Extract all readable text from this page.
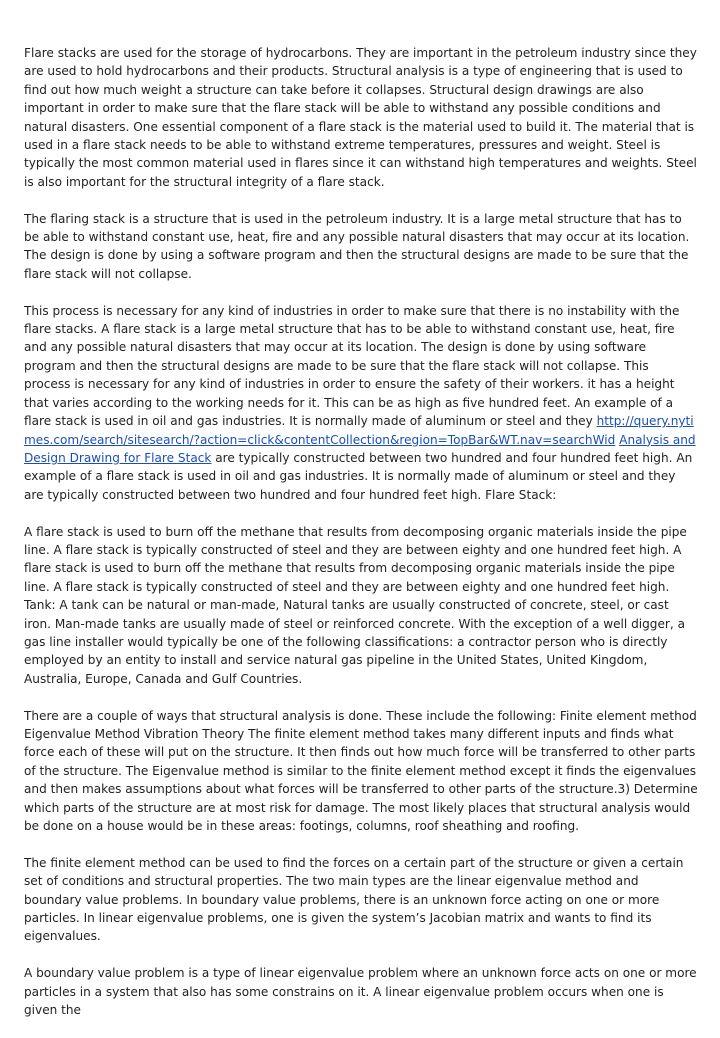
Flare stacks are used for the storage of hydrocarbons. They are important in the petroleum industry since they are used to hold hydrocarbons and their products. Structural analysis is a type of engineering that is used to find out how much weight a structure can take before it collapses. Structural design drawings are also important in order to make sure that the flare stack will be able to withstand any possible conditions and natural disasters. One essential component of a flare stack is the material used to build it. The material that is used in a flare stack needs to be able to withstand extreme temperatures, pressures and weight. Steel is typically the most common material used in flares since it can withstand high temperatures and weights. Steel is also important for the structural integrity of a flare stack.

The flaring stack is a structure that is used in the petroleum industry. It is a large metal structure that has to be able to withstand constant use, heat, fire and any possible natural disasters that may occur at its location. The design is done by using a software program and then the structural designs are made to be sure that the flare stack will not collapse.

This process is necessary for any kind of industries in order to make sure that there is no instability with the flare stacks. A flare stack is a large metal structure that has to be able to withstand constant use, heat, fire and any possible natural disasters that may occur at its location. The design is done by using software program and then the structural designs are made to be sure that the flare stack will not collapse. This process is necessary for any kind of industries in order to ensure the safety of their workers. it has a height that varies according to the working needs for it. This can be as high as five hundred feet. An example of a flare stack is used in oil and gas industries. It is normally made of aluminum or steel and they http://query.nytimes.com/search/sitesearch/?action=click&contentCollection&region=TopBar&WT.nav=searchWid Analysis and Design Drawing for Flare Stack are typically constructed between two hundred and four hundred feet high. An example of a flare stack is used in oil and gas industries. It is normally made of aluminum or steel and they are typically constructed between two hundred and four hundred feet high. Flare Stack:

A flare stack is used to burn off the methane that results from decomposing organic materials inside the pipe line. A flare stack is typically constructed of steel and they are between eighty and one hundred feet high. A flare stack is used to burn off the methane that results from decomposing organic materials inside the pipe line. A flare stack is typically constructed of steel and they are between eighty and one hundred feet high. Tank: A tank can be natural or man-made, Natural tanks are usually constructed of concrete, steel, or cast iron. Man-made tanks are usually made of steel or reinforced concrete. With the exception of a well digger, a gas line installer would typically be one of the following classifications: a contractor person who is directly employed by an entity to install and service natural gas pipeline in the United States, United Kingdom, Australia, Europe, Canada and Gulf Countries.

There are a couple of ways that structural analysis is done. These include the following: Finite element method Eigenvalue Method Vibration Theory The finite element method takes many different inputs and finds what force each of these will put on the structure. It then finds out how much force will be transferred to other parts of the structure. The Eigenvalue method is similar to the finite element method except it finds the eigenvalues and then makes assumptions about what forces will be transferred to other parts of the structure.3) Determine which parts of the structure are at most risk for damage. The most likely places that structural analysis would be done on a house would be in these areas: footings, columns, roof sheathing and roofing.

The finite element method can be used to find the forces on a certain part of the structure or given a certain set of conditions and structural properties. The two main types are the linear eigenvalue method and boundary value problems. In boundary value problems, there is an unknown force acting on one or more particles. In linear eigenvalue problems, one is given the system’s Jacobian matrix and wants to find its eigenvalues.

A boundary value problem is a type of linear eigenvalue problem where an unknown force acts on one or more particles in a system that also has some constrains on it. A linear eigenvalue problem occurs when one is given the
